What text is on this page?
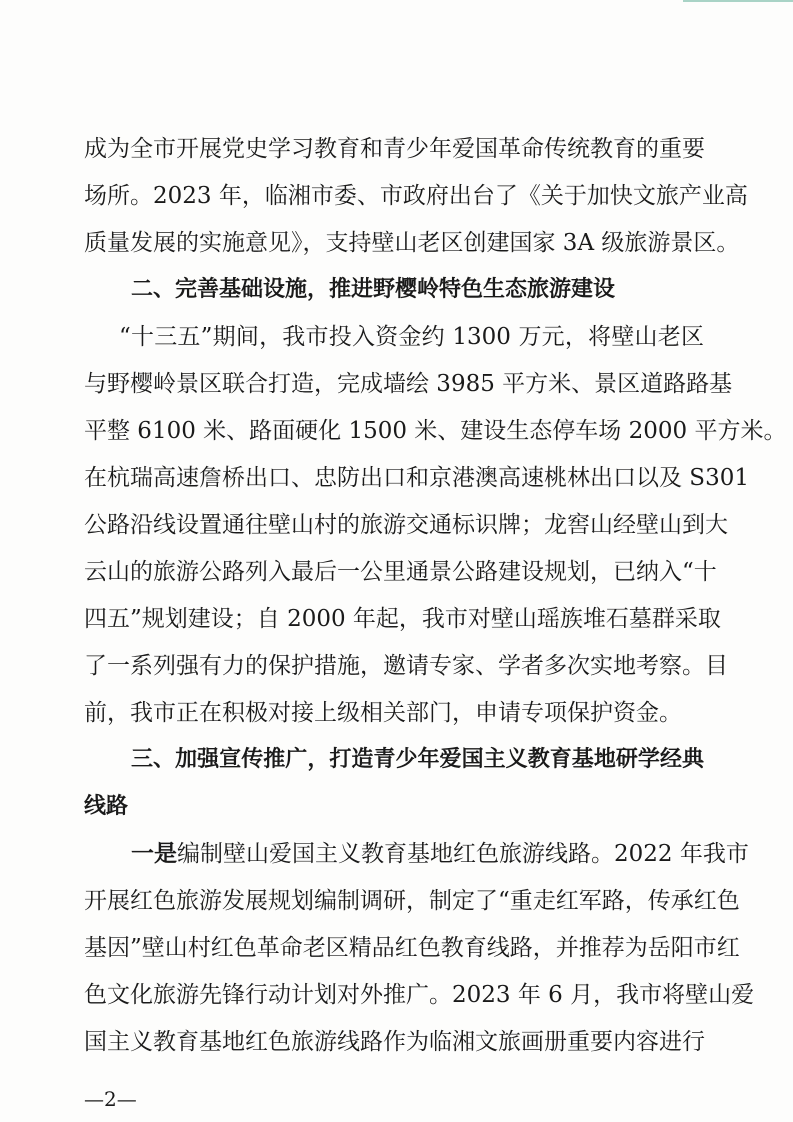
成为全市开展党史学习教育和青少年爱国革命传统教育的重要
场所。2023 年，临湘市委、市政府出台了《关于加快文旅产业高
质量发展的实施意见》，支持壁山老区创建国家 3A 级旅游景区。
二、完善基础设施，推进野樱岭特色生态旅游建设
“十三五”期间，我市投入资金约 1300 万元，将壁山老区
与野樱岭景区联合打造，完成墙绘 3985 平方米、景区道路路基
平整 6100 米、路面硬化 1500 米、建设生态停车场 2000 平方米。
在杭瑞高速詹桥出口、忠防出口和京港澳高速桃林出口以及 S301
公路沿线设置通往壁山村的旅游交通标识牌；龙窖山经壁山到大
云山的旅游公路列入最后一公里通景公路建设规划，已纳入“十
四五”规划建设；自 2000 年起，我市对壁山瑶族堆石墓群采取
了一系列强有力的保护措施，邀请专家、学者多次实地考察。目
前，我市正在积极对接上级相关部门，申请专项保护资金。
三、加强宣传推广，打造青少年爱国主义教育基地研学经典
线路
一是编制壁山爱国主义教育基地红色旅游线路。2022 年我市
开展红色旅游发展规划编制调研，制定了“重走红军路，传承红色
基因”壁山村红色革命老区精品红色教育线路，并推荐为岳阳市红
色文化旅游先锋行动计划对外推广。2023 年 6 月，我市将壁山爱
国主义教育基地红色旅游线路作为临湘文旅画册重要内容进行
—2—
